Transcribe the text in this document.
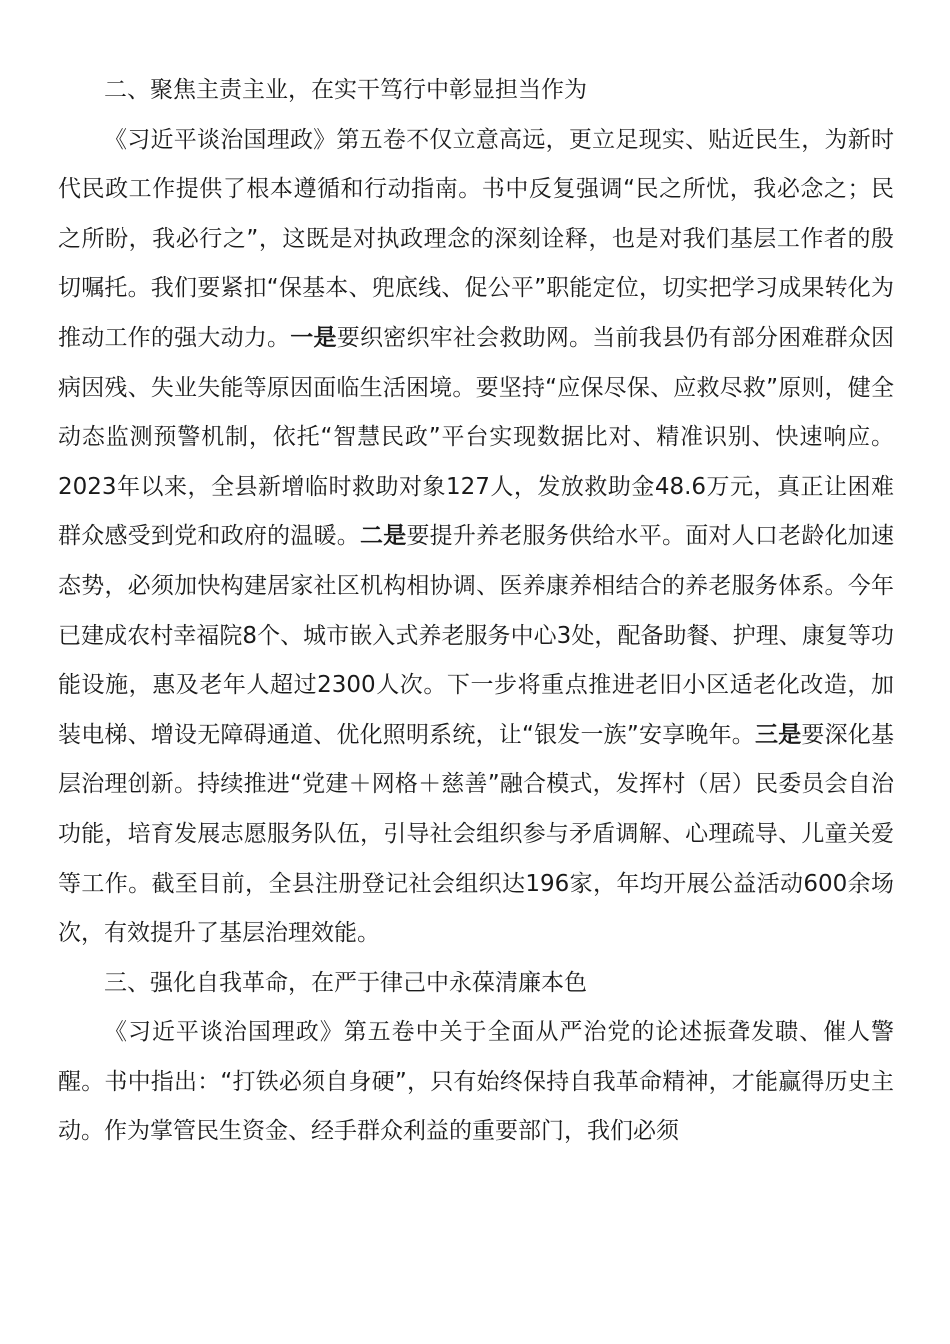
二、聚焦主责主业，在实干笃行中彰显担当作为

《习近平谈治国理政》第五卷不仅立意高远，更立足现实、贴近民生，为新时代民政工作提供了根本遵循和行动指南。书中反复强调“民之所忧，我必念之；民之所盼，我必行之”，这既是对执政理念的深刻诠释，也是对我们基层工作者的殷切嘱托。我们要紧扣“保基本、兜底线、促公平”职能定位，切实把学习成果转化为推动工作的强大动力。一是要织密织牢社会救助网。当前我县仍有部分困难群众因病因残、失业失能等原因面临生活困境。要坚持“应保尽保、应救尽救”原则，健全动态监测预警机制，依托“智慧民政”平台实现数据比对、精准识别、快速响应。2023年以来，全县新增临时救助对象127人，发放救助金48.6万元，真正让困难群众感受到党和政府的温暖。二是要提升养老服务供给水平。面对人口老龄化加速态势，必须加快构建居家社区机构相协调、医养康养相结合的养老服务体系。今年已建成农村幸福院8个、城市嵌入式养老服务中心3处，配备助餐、护理、康复等功能设施，惠及老年人超过2300人次。下一步将重点推进老旧小区适老化改造，加装电梯、增设无障碍通道、优化照明系统，让“银发一族”安享晚年。三是要深化基层治理创新。持续推进“党建＋网格＋慈善”融合模式，发挥村（居）民委员会自治功能，培育发展志愿服务队伍，引导社会组织参与矛盾调解、心理疏导、儿童关爱等工作。截至目前，全县注册登记社会组织达196家，年均开展公益活动600余场次，有效提升了基层治理效能。

三、强化自我革命，在严于律己中永葆清廉本色

《习近平谈治国理政》第五卷中关于全面从严治党的论述振聋发聩、催人警醒。书中指出：“打铁必须自身硬”，只有始终保持自我革命精神，才能赢得历史主动。作为掌管民生资金、经手群众利益的重要部门，我们必须
